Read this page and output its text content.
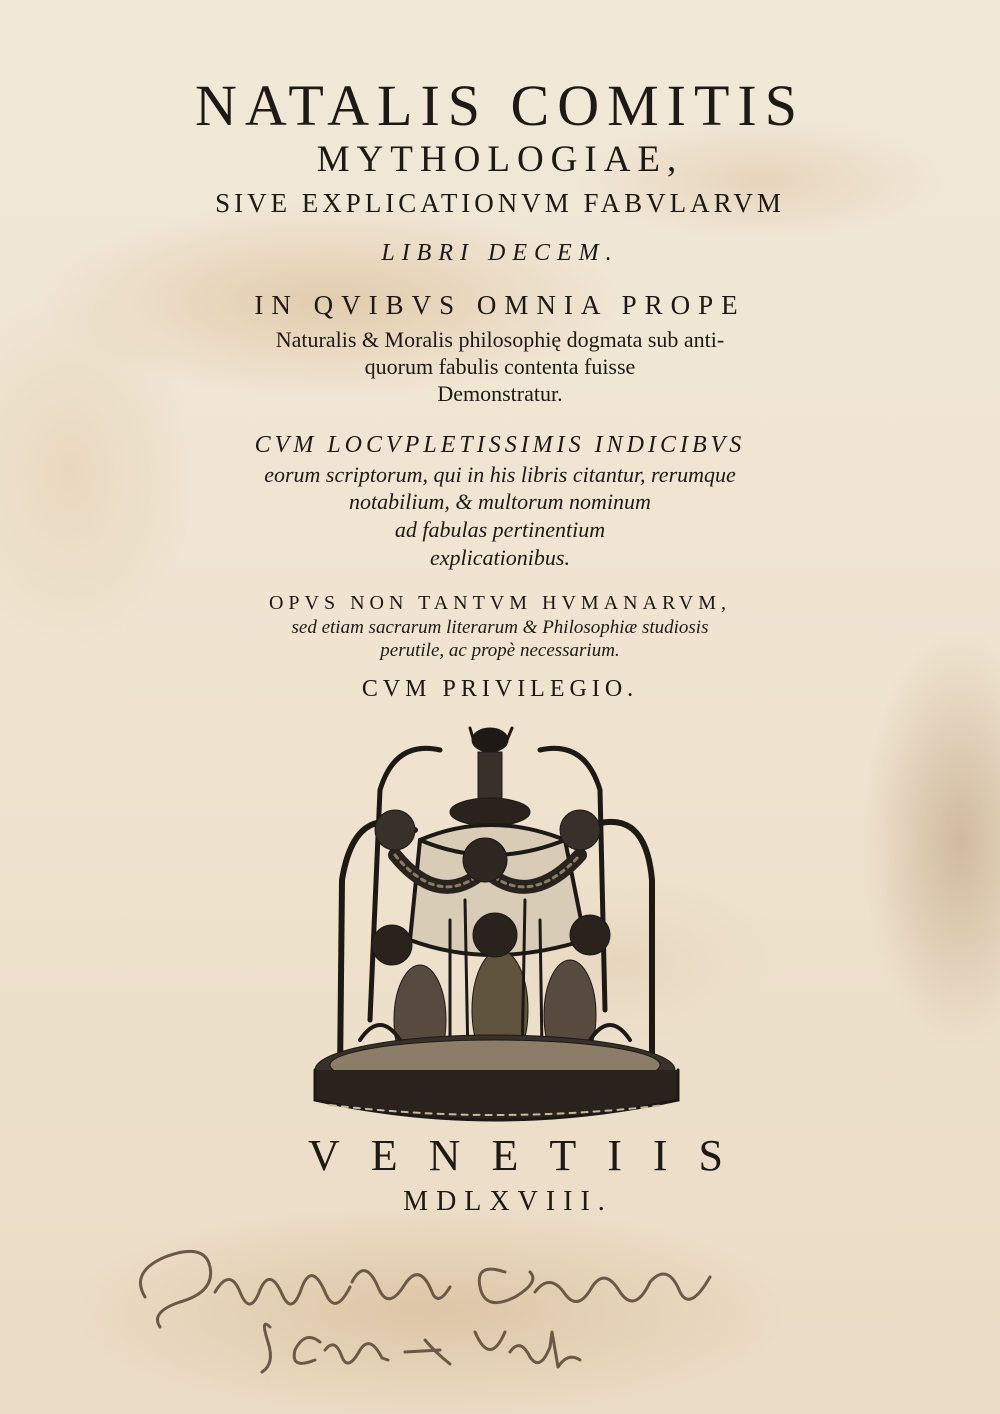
NATALIS COMITIS
MYTHOLOGIAE,
SIVE EXPLICATIONVM FABVLARVM
LIBRI DECEM.
IN QVIBVS OMNIA PROPE
Naturalis & Moralis philosophię dogmata sub anti-
quorum fabulis contenta fuisse
Demonstratur.
CVM LOCVPLETISSIMIS INDICIBVS
eorum scriptorum, qui in his libris citantur, rerumque
notabilium, & multorum nominum
ad fabulas pertinentium
explicationibus.
OPVS NON TANTVM HVMANARVM,
sed etiam sacrarum literarum & Philosophiæ studiosis
perutile, ac propè necessarium.
CVM PRIVILEGIO.
VENETIIS
MDLXVIII.
